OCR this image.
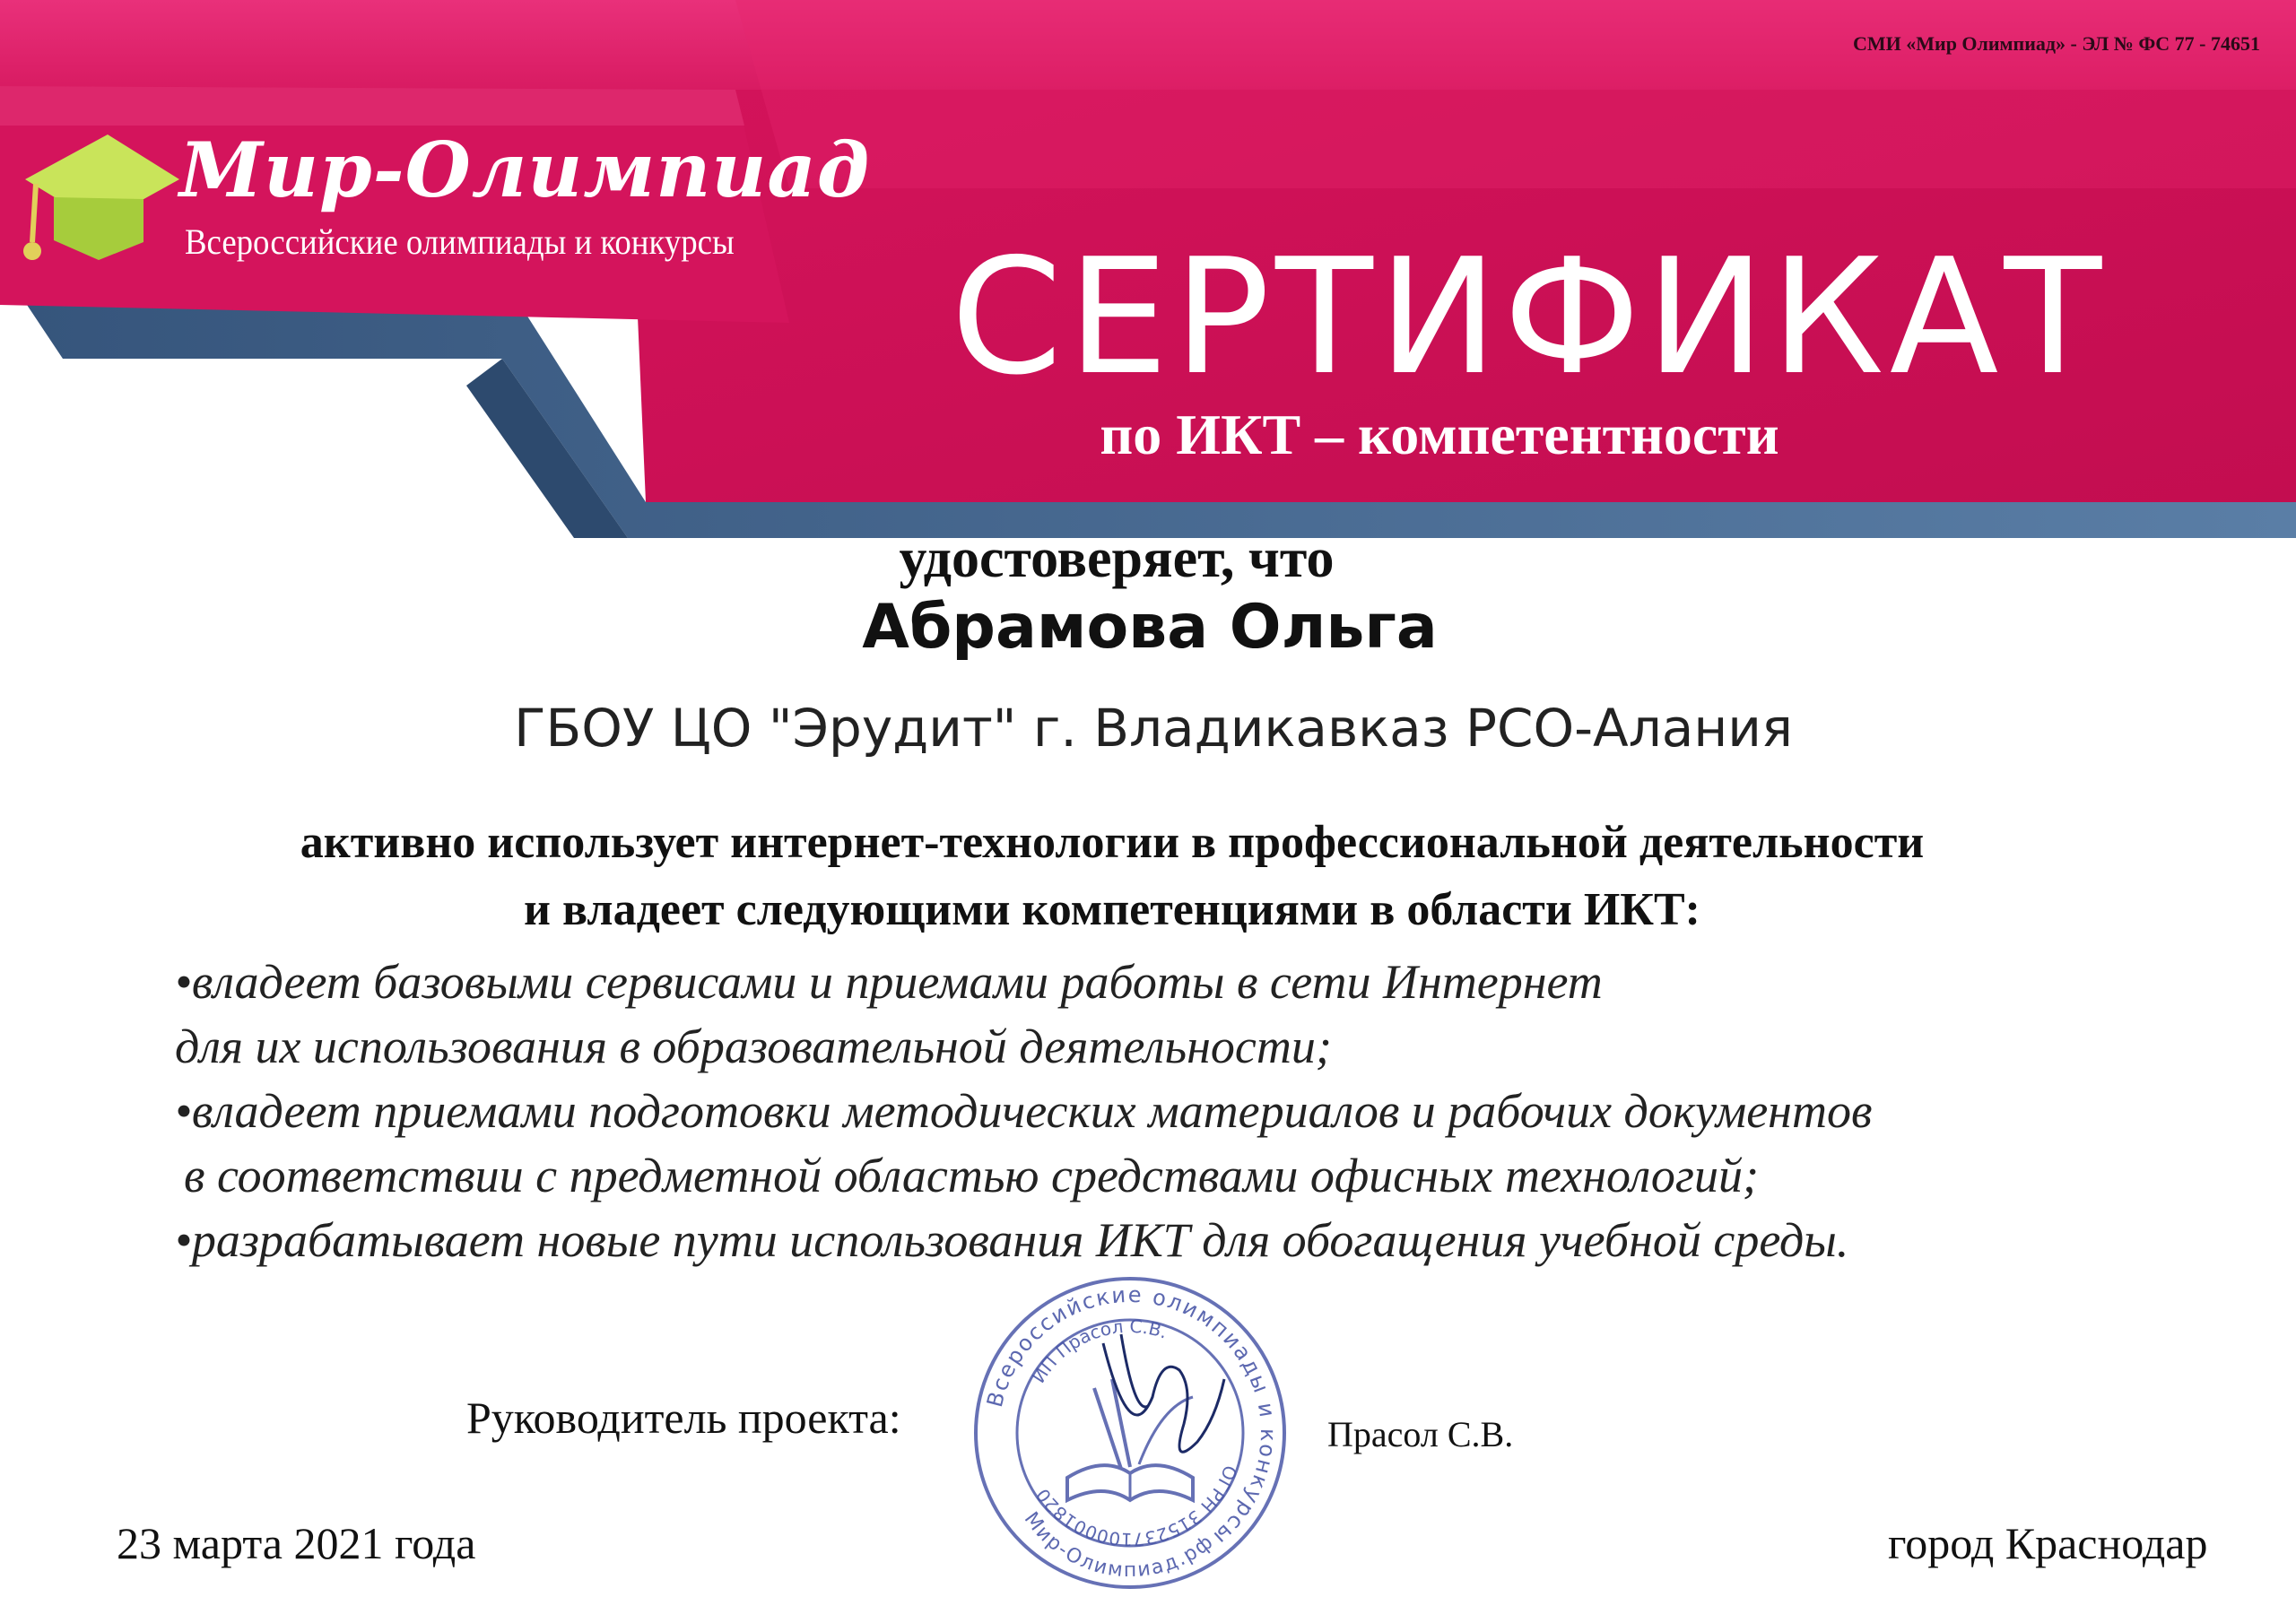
СМИ «Мир Олимпиад» - ЭЛ № ФС 77 - 74651
Мир-Олимпиад
Всероссийские олимпиады и конкурсы СЕРТИФИКАТ
по ИКТ – компетентности
удостоверяет, что
Абрамова Ольга
ГБОУ ЦО "Эрудит" г. Владикавказ РСО-Алания
активно использует интернет-технологии в профессиональной деятельности
и владеет следующими компетенциями в области ИКТ:
•владеет базовыми сервисами и приемами работы в сети Интернет
для их использования в образовательной деятельности;
•владеет приемами подготовки методических материалов и рабочих документов
в соответствии с предметной областью средствами офисных технологий;
•разрабатывает новые пути использования ИКТ для обогащения учебной среды.
Руководитель проекта:	Прасол С.В.
Всероссийские олимпиады и конкурсы
ИП Прасол С.В.
ОГРН 315237100001820
Мир-Олимпиад.рф
23 марта 2021 года	город Краснодар
